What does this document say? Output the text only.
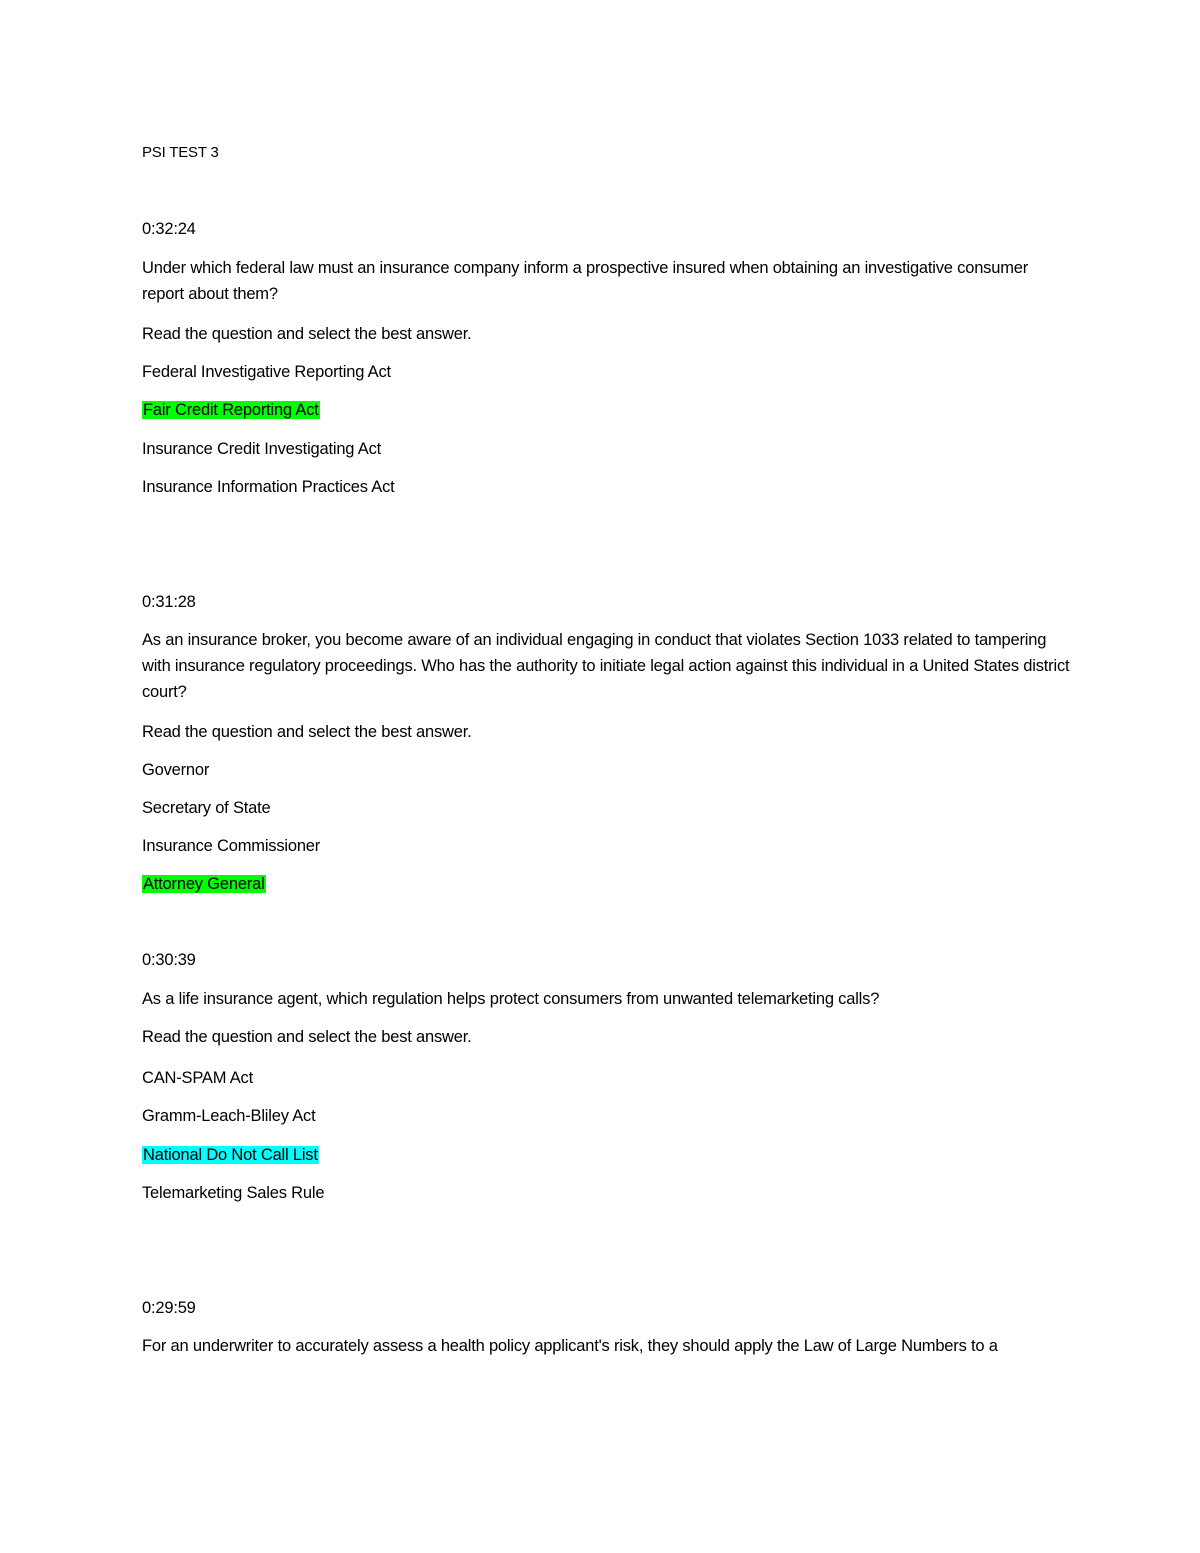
PSI TEST 3
0:32:24
Under which federal law must an insurance company inform a prospective insured when obtaining an investigative consumer report about them?
Read the question and select the best answer.
Federal Investigative Reporting Act
Fair Credit Reporting Act
Insurance Credit Investigating Act
Insurance Information Practices Act
0:31:28
As an insurance broker, you become aware of an individual engaging in conduct that violates Section 1033 related to tampering with insurance regulatory proceedings. Who has the authority to initiate legal action against this individual in a United States district court?
Read the question and select the best answer.
Governor
Secretary of State
Insurance Commissioner
Attorney General
0:30:39
As a life insurance agent, which regulation helps protect consumers from unwanted telemarketing calls?
Read the question and select the best answer.
CAN-SPAM Act
Gramm-Leach-Bliley Act
National Do Not Call List
Telemarketing Sales Rule
0:29:59
For an underwriter to accurately assess a health policy applicant's risk, they should apply the Law of Large Numbers to a
